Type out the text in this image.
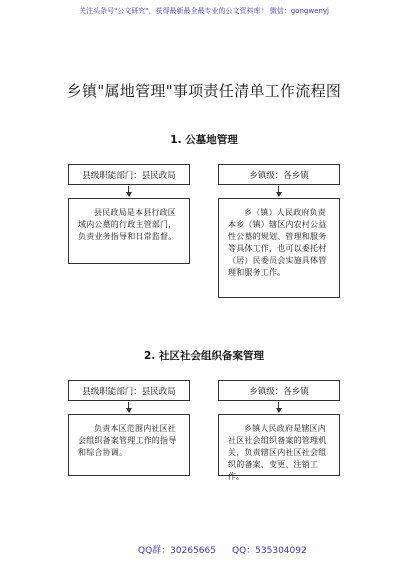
关注头条号"公文研究"，获得最新最全最专业的公文资料库！ 微信：gongwenyj
乡镇"属地管理"事项责任清单工作流程图
1. 公墓地管理
县级职能部门：县民政局	乡镇级：各乡镇
县民政局是本县行政区域内公墓的行政主管部门，负责业务指导和日常监督。
乡（镇）人民政府负责本乡（镇）辖区内农村公益性公墓的规划、管理和服务等具体工作，也可以委托村（居）民委员会实施具体管理和服务工作。
2. 社区社会组织备案管理
县级职能部门：县民政局	乡镇级：各乡镇
负责本区范围内社区社会组织备案管理工作的指导和综合协调。
乡镇人民政府是辖区内社区社会组织备案的管理机关，负责辖区内社区社会组织的备案、变更、注销工作。
QQ群：30265665 QQ：535304092
